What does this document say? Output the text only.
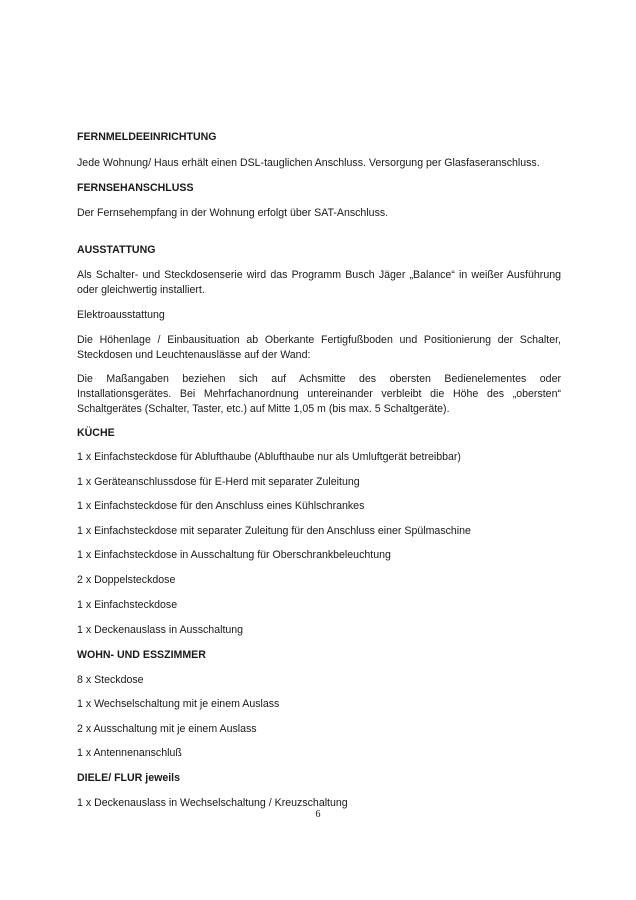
FERNMELDEEINRICHTUNG
Jede Wohnung/ Haus erhält einen DSL-tauglichen Anschluss. Versorgung per Glasfaseranschluss.
FERNSEHANSCHLUSS
Der Fernsehempfang in der Wohnung erfolgt über SAT-Anschluss.
AUSSTATTUNG
Als Schalter- und Steckdosenserie wird das Programm Busch Jäger „Balance“ in weißer Ausführung oder gleichwertig installiert.
Elektroausstattung
Die Höhenlage / Einbausituation ab Oberkante Fertigfußboden und Positionierung der Schalter, Steckdosen und Leuchtenauslässe auf der Wand:
Die Maßangaben beziehen sich auf Achsmitte des obersten Bedienelementes oder Installationsgerätes. Bei Mehrfachanordnung untereinander verbleibt die Höhe des „obersten“ Schaltgerätes (Schalter, Taster, etc.) auf Mitte 1,05 m (bis max. 5 Schaltgeräte).
KÜCHE
1 x Einfachsteckdose für Ablufthaube (Ablufthaube nur als Umluftgerät betreibbar)
1 x Geräteanschlussdose für E-Herd mit separater Zuleitung
1 x Einfachsteckdose für den Anschluss eines Kühlschrankes
1 x Einfachsteckdose mit separater Zuleitung für den Anschluss einer Spülmaschine
1 x Einfachsteckdose in Ausschaltung für Oberschrankbeleuchtung
2 x Doppelsteckdose
1 x Einfachsteckdose
1 x Deckenauslass in Ausschaltung
WOHN- UND ESSZIMMER
8 x Steckdose
1 x Wechselschaltung mit je einem Auslass
2 x Ausschaltung mit je einem Auslass
1 x Antennenanschluß
DIELE/ FLUR jeweils
1 x Deckenauslass in Wechselschaltung / Kreuzschaltung
6
